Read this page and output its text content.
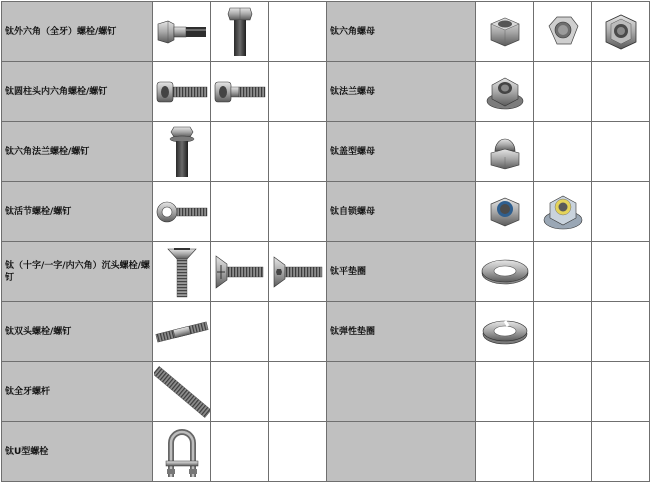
钛外六角（全牙）螺栓/螺钉				钛六角螺母	

钛圆柱头内六角螺栓/螺钉				钛法兰螺母	

钛六角法兰螺栓/螺钉				钛盖型螺母	

钛活节螺栓/螺钉				钛自锁螺母	

钛（十字/一字/内六角）沉头螺栓/螺钉				钛平垫圈	

钛双头螺栓/螺钉				钛弹性垫圈	

钛全牙螺杆	

钛U型螺栓	
